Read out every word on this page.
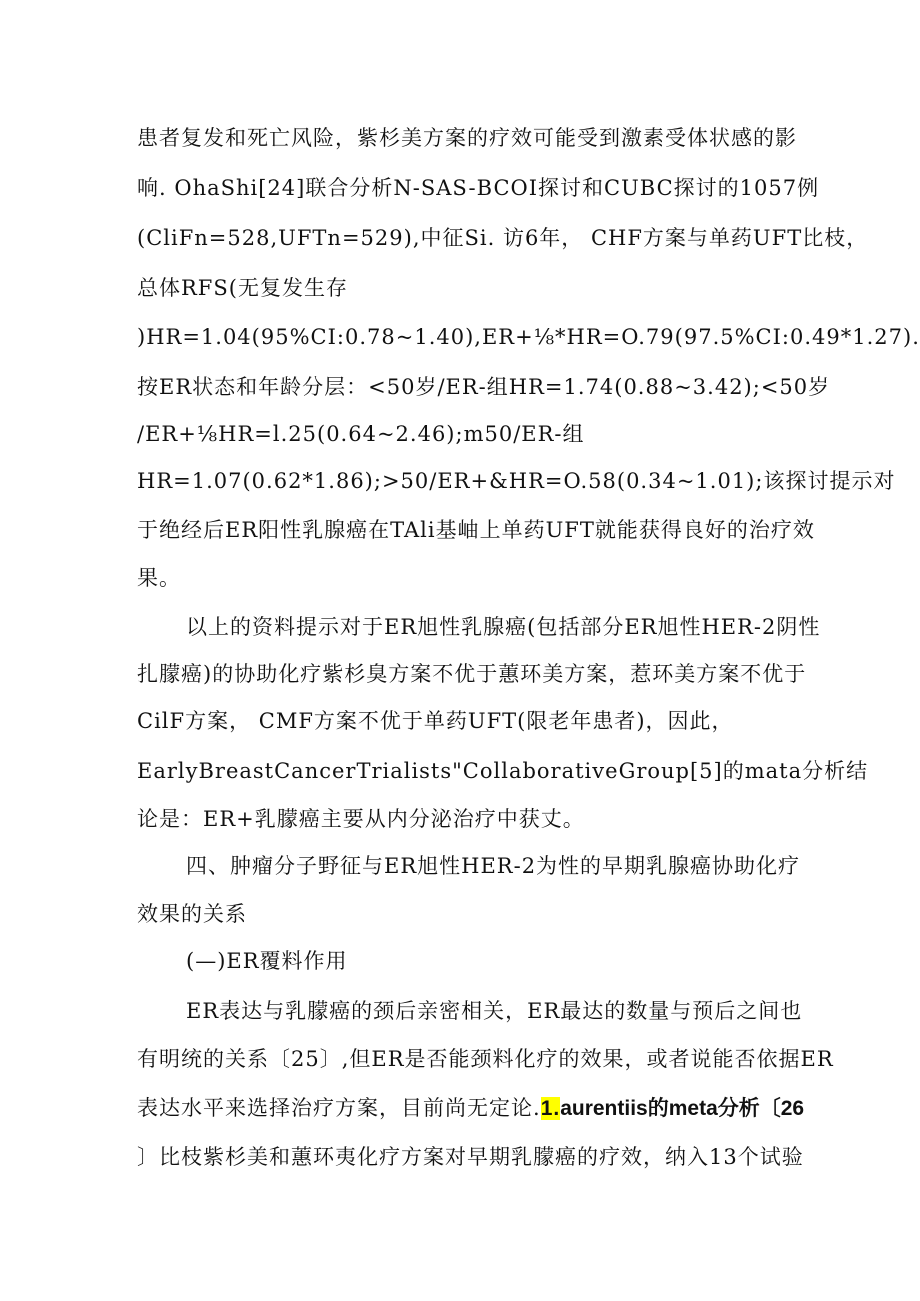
患者复发和死亡风险，紫杉美方案的疗效可能受到激素受体状感的影
响. OhaShi[24]联合分析N-SAS-BCOI探讨和CUBC探讨的1057例
(CliFn=528,UFTn=529),中征Si. 访6年， CHF方案与单药UFT比枝，
总体RFS(无复发生存
)HR=1.04(95%CI:0.78~1.40),ER+⅛*HR=O.79(97.5%CI:0.49*1.27).
按ER状态和年龄分层：<50岁/ER-组HR=1.74(0.88~3.42);<50岁
/ER+⅛HR=l.25(0.64~2.46);m50/ER-组
HR=1.07(0.62*1.86);>50/ER+&HR=O.58(0.34~1.01);该探讨提示对
于绝经后ER阳性乳腺癌在TAli基岫上单药UFT就能获得良好的治疗效
果。
以上的资料提示对于ER旭性乳腺癌(包括部分ER旭性HER-2阴性
扎朦癌)的协助化疗紫杉臭方案不优于蕙环美方案，惹环美方案不优于
CilF方案， CMF方案不优于单药UFT(限老年患者)，因此，
EarlyBreastCancerTrialists"CollaborativeGroup[5]的mata分析结
论是：ER+乳朦癌主要从内分泌治疗中获丈。
四、肿瘤分子野征与ER旭性HER-2为性的早期乳腺癌协助化疗
效果的关系
(—)ER覆料作用
ER表达与乳朦癌的颈后亲密相关，ER最达的数量与预后之间也
有明统的关系〔25〕,但ER是否能颈料化疗的效果，或者说能否依据ER
表达水平来选择治疗方案，目前尚无定论.1.aurentiis的meta分析〔26
〕比枝紫杉美和蕙环夷化疗方案对早期乳朦癌的疗效，纳入13个试验
